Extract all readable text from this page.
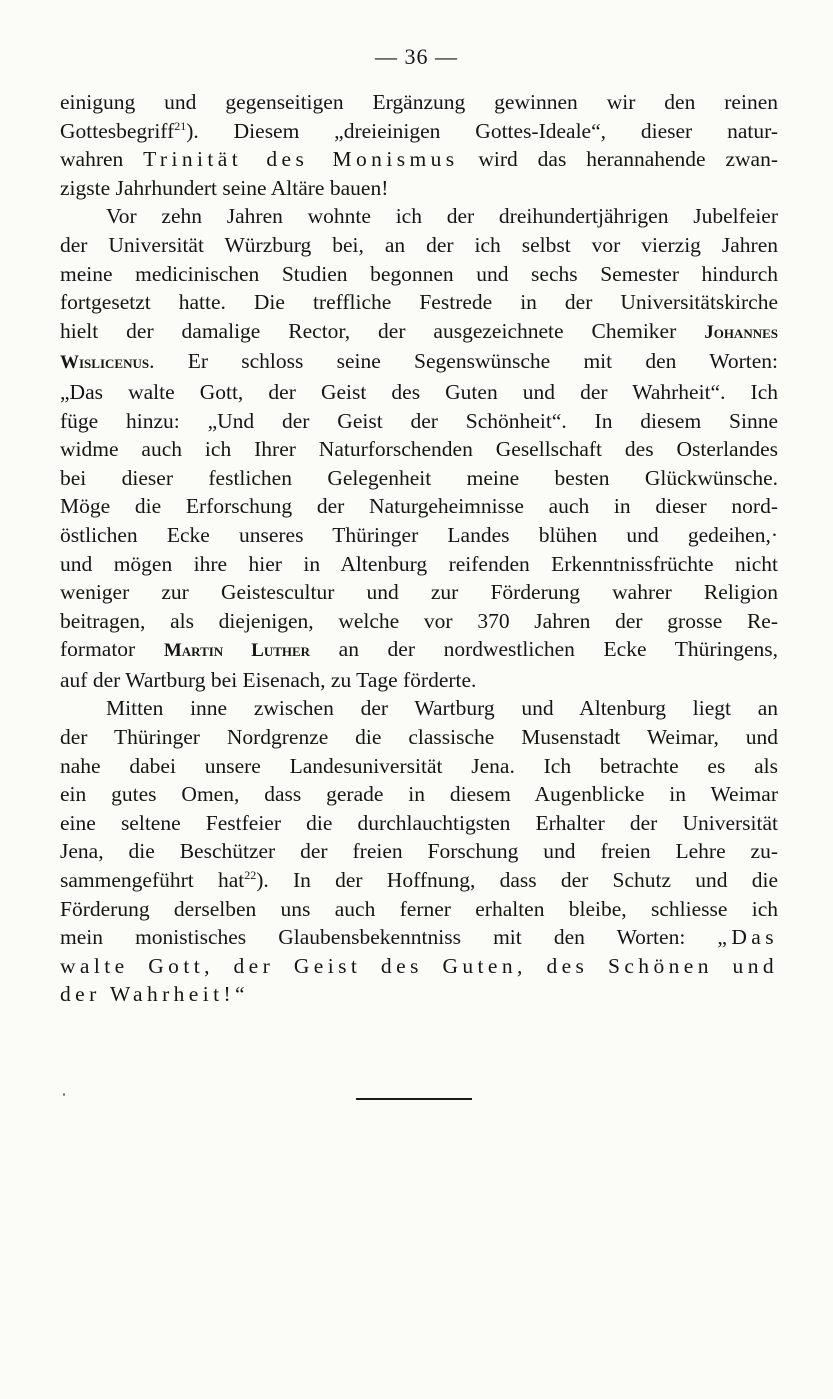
— 36 —
einigung und gegenseitigen Ergänzung gewinnen wir den reinen
Gottesbegriff$^{21}$). Diesem „dreieinigen Gottes-Ideale“, dieser natur-
wahren Trinität des Monismus wird das herannahende zwan-
zigste Jahrhundert seine Altäre bauen!
Vor zehn Jahren wohnte ich der dreihundertjährigen Jubelfeier
der Universität Würzburg bei, an der ich selbst vor vierzig Jahren
meine medicinischen Studien begonnen und sechs Semester hindurch
fortgesetzt hatte. Die treffliche Festrede in der Universitätskirche
hielt der damalige Rector, der ausgezeichnete Chemiker Johannes
Wislicenus. Er schloss seine Segenswünsche mit den Worten:
„Das walte Gott, der Geist des Guten und der Wahrheit“. Ich
füge hinzu: „Und der Geist der Schönheit“. In diesem Sinne
widme auch ich Ihrer Naturforschenden Gesellschaft des Osterlandes
bei dieser festlichen Gelegenheit meine besten Glückwünsche.
Möge die Erforschung der Naturgeheimnisse auch in dieser nord-
östlichen Ecke unseres Thüringer Landes blühen und gedeihen,·
und mögen ihre hier in Altenburg reifenden Erkenntnissfrüchte nicht
weniger zur Geistescultur und zur Förderung wahrer Religion
beitragen, als diejenigen, welche vor 370 Jahren der grosse Re-
formator Martin Luther an der nordwestlichen Ecke Thüringens,
auf der Wartburg bei Eisenach, zu Tage förderte.
Mitten inne zwischen der Wartburg und Altenburg liegt an
der Thüringer Nordgrenze die classische Musenstadt Weimar, und
nahe dabei unsere Landesuniversität Jena. Ich betrachte es als
ein gutes Omen, dass gerade in diesem Augenblicke in Weimar
eine seltene Festfeier die durchlauchtigsten Erhalter der Universität
Jena, die Beschützer der freien Forschung und freien Lehre zu-
sammengeführt hat$^{22}$). In der Hoffnung, dass der Schutz und die
Förderung derselben uns auch ferner erhalten bleibe, schliesse ich
mein monistisches Glaubensbekenntniss mit den Worten: „Das
walte Gott, der Geist des Guten, des Schönen und
der Wahrheit!“
